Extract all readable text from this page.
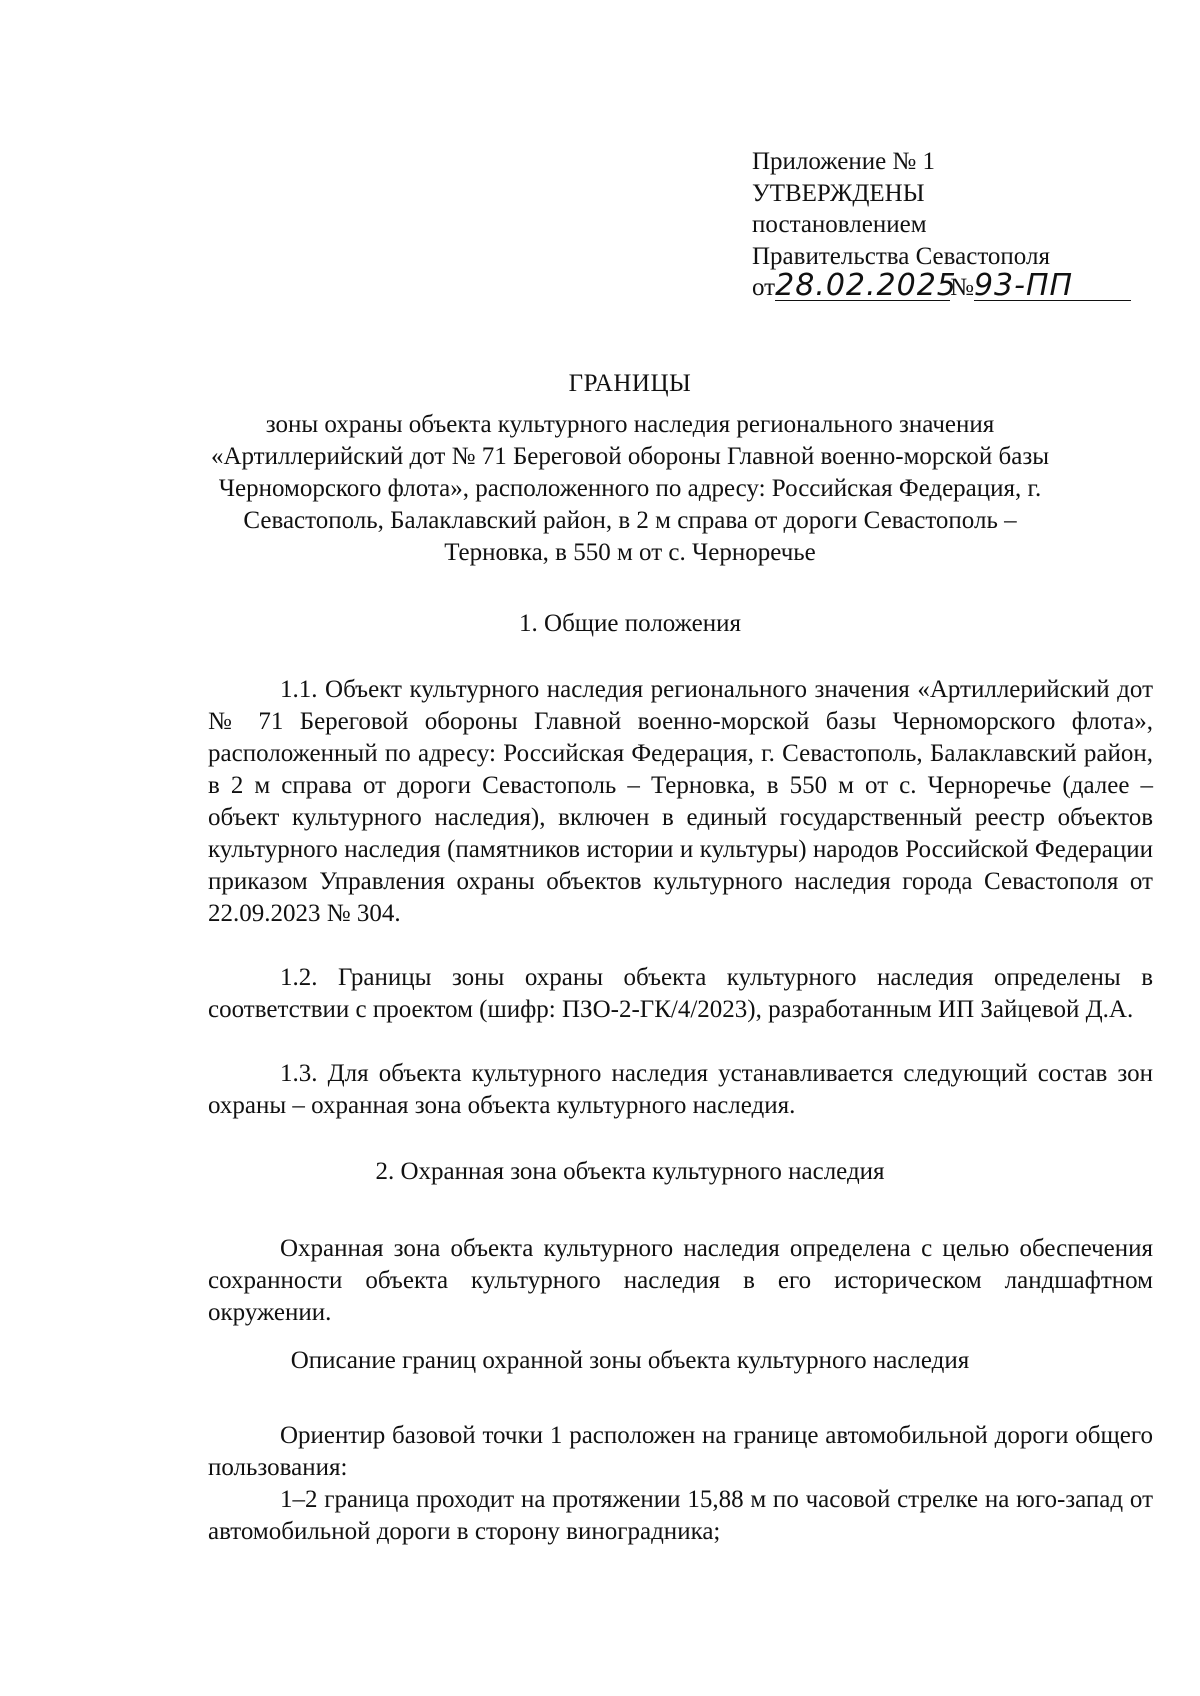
Приложение № 1
УТВЕРЖДЕНЫ
постановлением
Правительства Севастополя
от28.02.2025№93-ПП
ГРАНИЦЫ
зоны охраны объекта культурного наследия регионального значения «Артиллерийский дот № 71 Береговой обороны Главной военно-морской базы Черноморского флота», расположенного по адресу: Российская Федерация, г. Севастополь, Балаклавский район, в 2 м справа от дороги Севастополь – Терновка, в 550 м от с. Черноречье
1. Общие положения
1.1. Объект культурного наследия регионального значения «Артиллерийский дот № 71 Береговой обороны Главной военно-морской базы Черноморского флота», расположенный по адресу: Российская Федерация, г. Севастополь, Балаклавский район, в 2 м справа от дороги Севастополь – Терновка, в 550 м от с. Черноречье (далее – объект культурного наследия), включен в единый государственный реестр объектов культурного наследия (памятников истории и культуры) народов Российской Федерации приказом Управления охраны объектов культурного наследия города Севастополя от 22.09.2023 № 304.
1.2. Границы зоны охраны объекта культурного наследия определены в соответствии с проектом (шифр: ПЗО-2-ГК/4/2023), разработанным ИП Зайцевой Д.А.
1.3. Для объекта культурного наследия устанавливается следующий состав зон охраны – охранная зона объекта культурного наследия.
2. Охранная зона объекта культурного наследия
Охранная зона объекта культурного наследия определена с целью обеспечения сохранности объекта культурного наследия в его историческом ландшафтном окружении.
Описание границ охранной зоны объекта культурного наследия
Ориентир базовой точки 1 расположен на границе автомобильной дороги общего пользования:
1–2 граница проходит на протяжении 15,88 м по часовой стрелке на юго-запад от автомобильной дороги в сторону виноградника;
